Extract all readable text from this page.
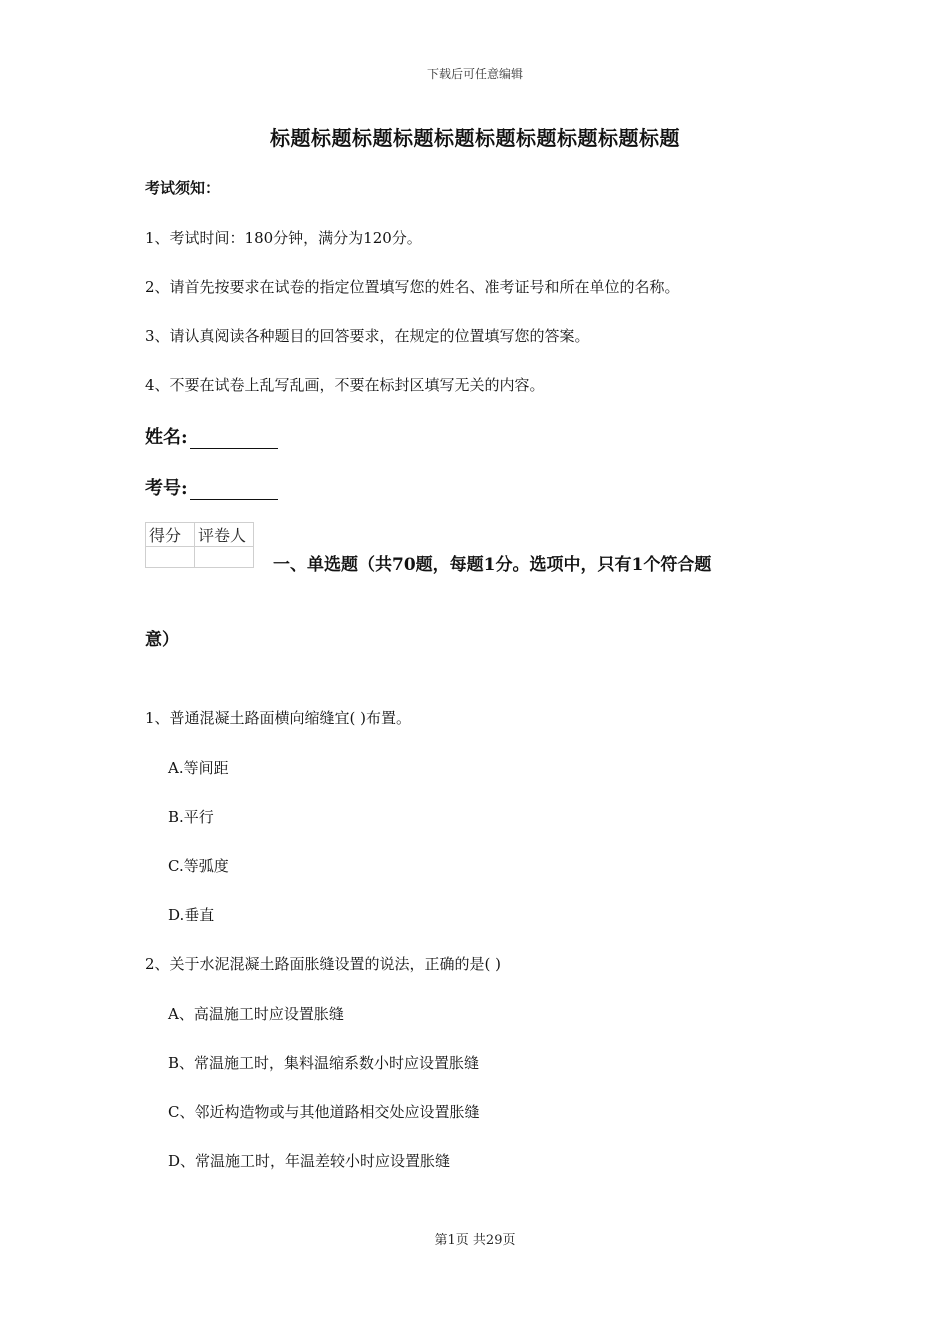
下载后可任意编辑
标题标题标题标题标题标题标题标题标题标题
考试须知：
1、考试时间：180分钟，满分为120分。
2、请首先按要求在试卷的指定位置填写您的姓名、准考证号和所在单位的名称。
3、请认真阅读各种题目的回答要求，在规定的位置填写您的答案。
4、不要在试卷上乱写乱画，不要在标封区填写无关的内容。
姓名:
考号:
得分	评卷人

一、单选题（共70题，每题1分。选项中，只有1个符合题
意）
1、普通混凝土路面横向缩缝宜( )布置。
A.等间距
B.平行
C.等弧度
D.垂直
2、关于水泥混凝土路面胀缝设置的说法，正确的是( )
A、高温施工时应设置胀缝
B、常温施工时，集料温缩系数小时应设置胀缝
C、邻近构造物或与其他道路相交处应设置胀缝
D、常温施工时，年温差较小时应设置胀缝
第1页 共29页
